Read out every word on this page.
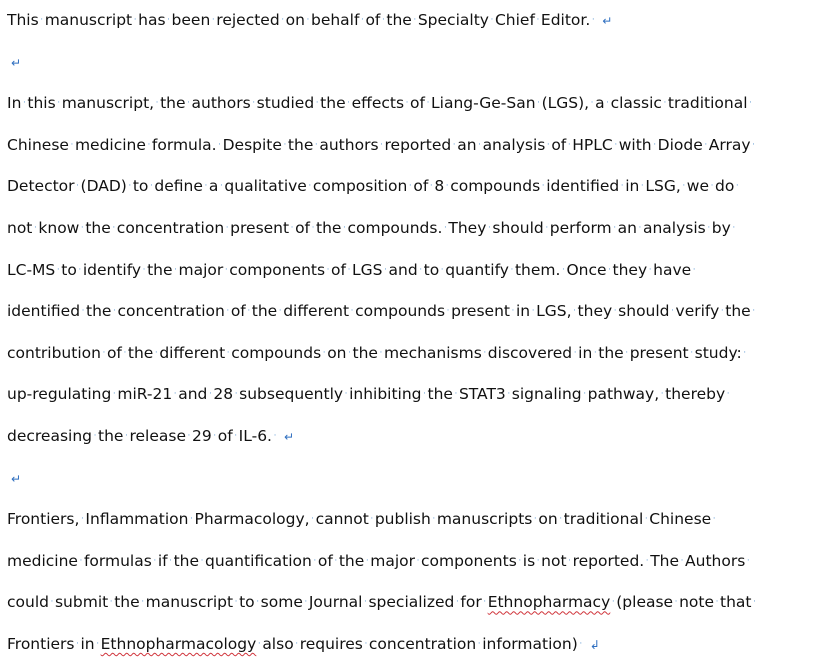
This · manuscript · has · been · rejected · on · behalf · of · the · Specialty · Chief · Editor. · ↵
↵
In · this · manuscript, · the · authors · studied · the · effects · of · Liang-Ge-San · (LGS), · a · classic · traditional ·
Chinese · medicine · formula. · Despite · the · authors · reported · an · analysis · of · HPLC · with · Diode · Array ·
Detector · (DAD) · to · define · a · qualitative · composition · of · 8 · compounds · identified · in · LSG, · we · do ·
not · know · the · concentration · present · of · the · compounds. · They · should · perform · an · analysis · by ·
LC-MS · to · identify · the · major · components · of · LGS · and · to · quantify · them. · Once · they · have ·
identified · the · concentration · of · the · different · compounds · present · in · LGS, · they · should · verify · the ·
contribution · of · the · different · compounds · on · the · mechanisms · discovered · in · the · present · study: ·
up-regulating · miR-21 · and · 28 · subsequently · inhibiting · the · STAT3 · signaling · pathway, · thereby ·
decreasing · the · release · 29 · of · IL-6. · ↵
↵
Frontiers, · Inflammation · Pharmacology, · cannot · publish · manuscripts · on · traditional · Chinese ·
medicine · formulas · if · the · quantification · of · the · major · components · is · not · reported. · The · Authors ·
could · submit · the · manuscript · to · some · Journal · specialized · for · Ethnopharmacy · (please · note · that ·
Frontiers · in · Ethnopharmacology · also · requires · concentration · information) · ↲
